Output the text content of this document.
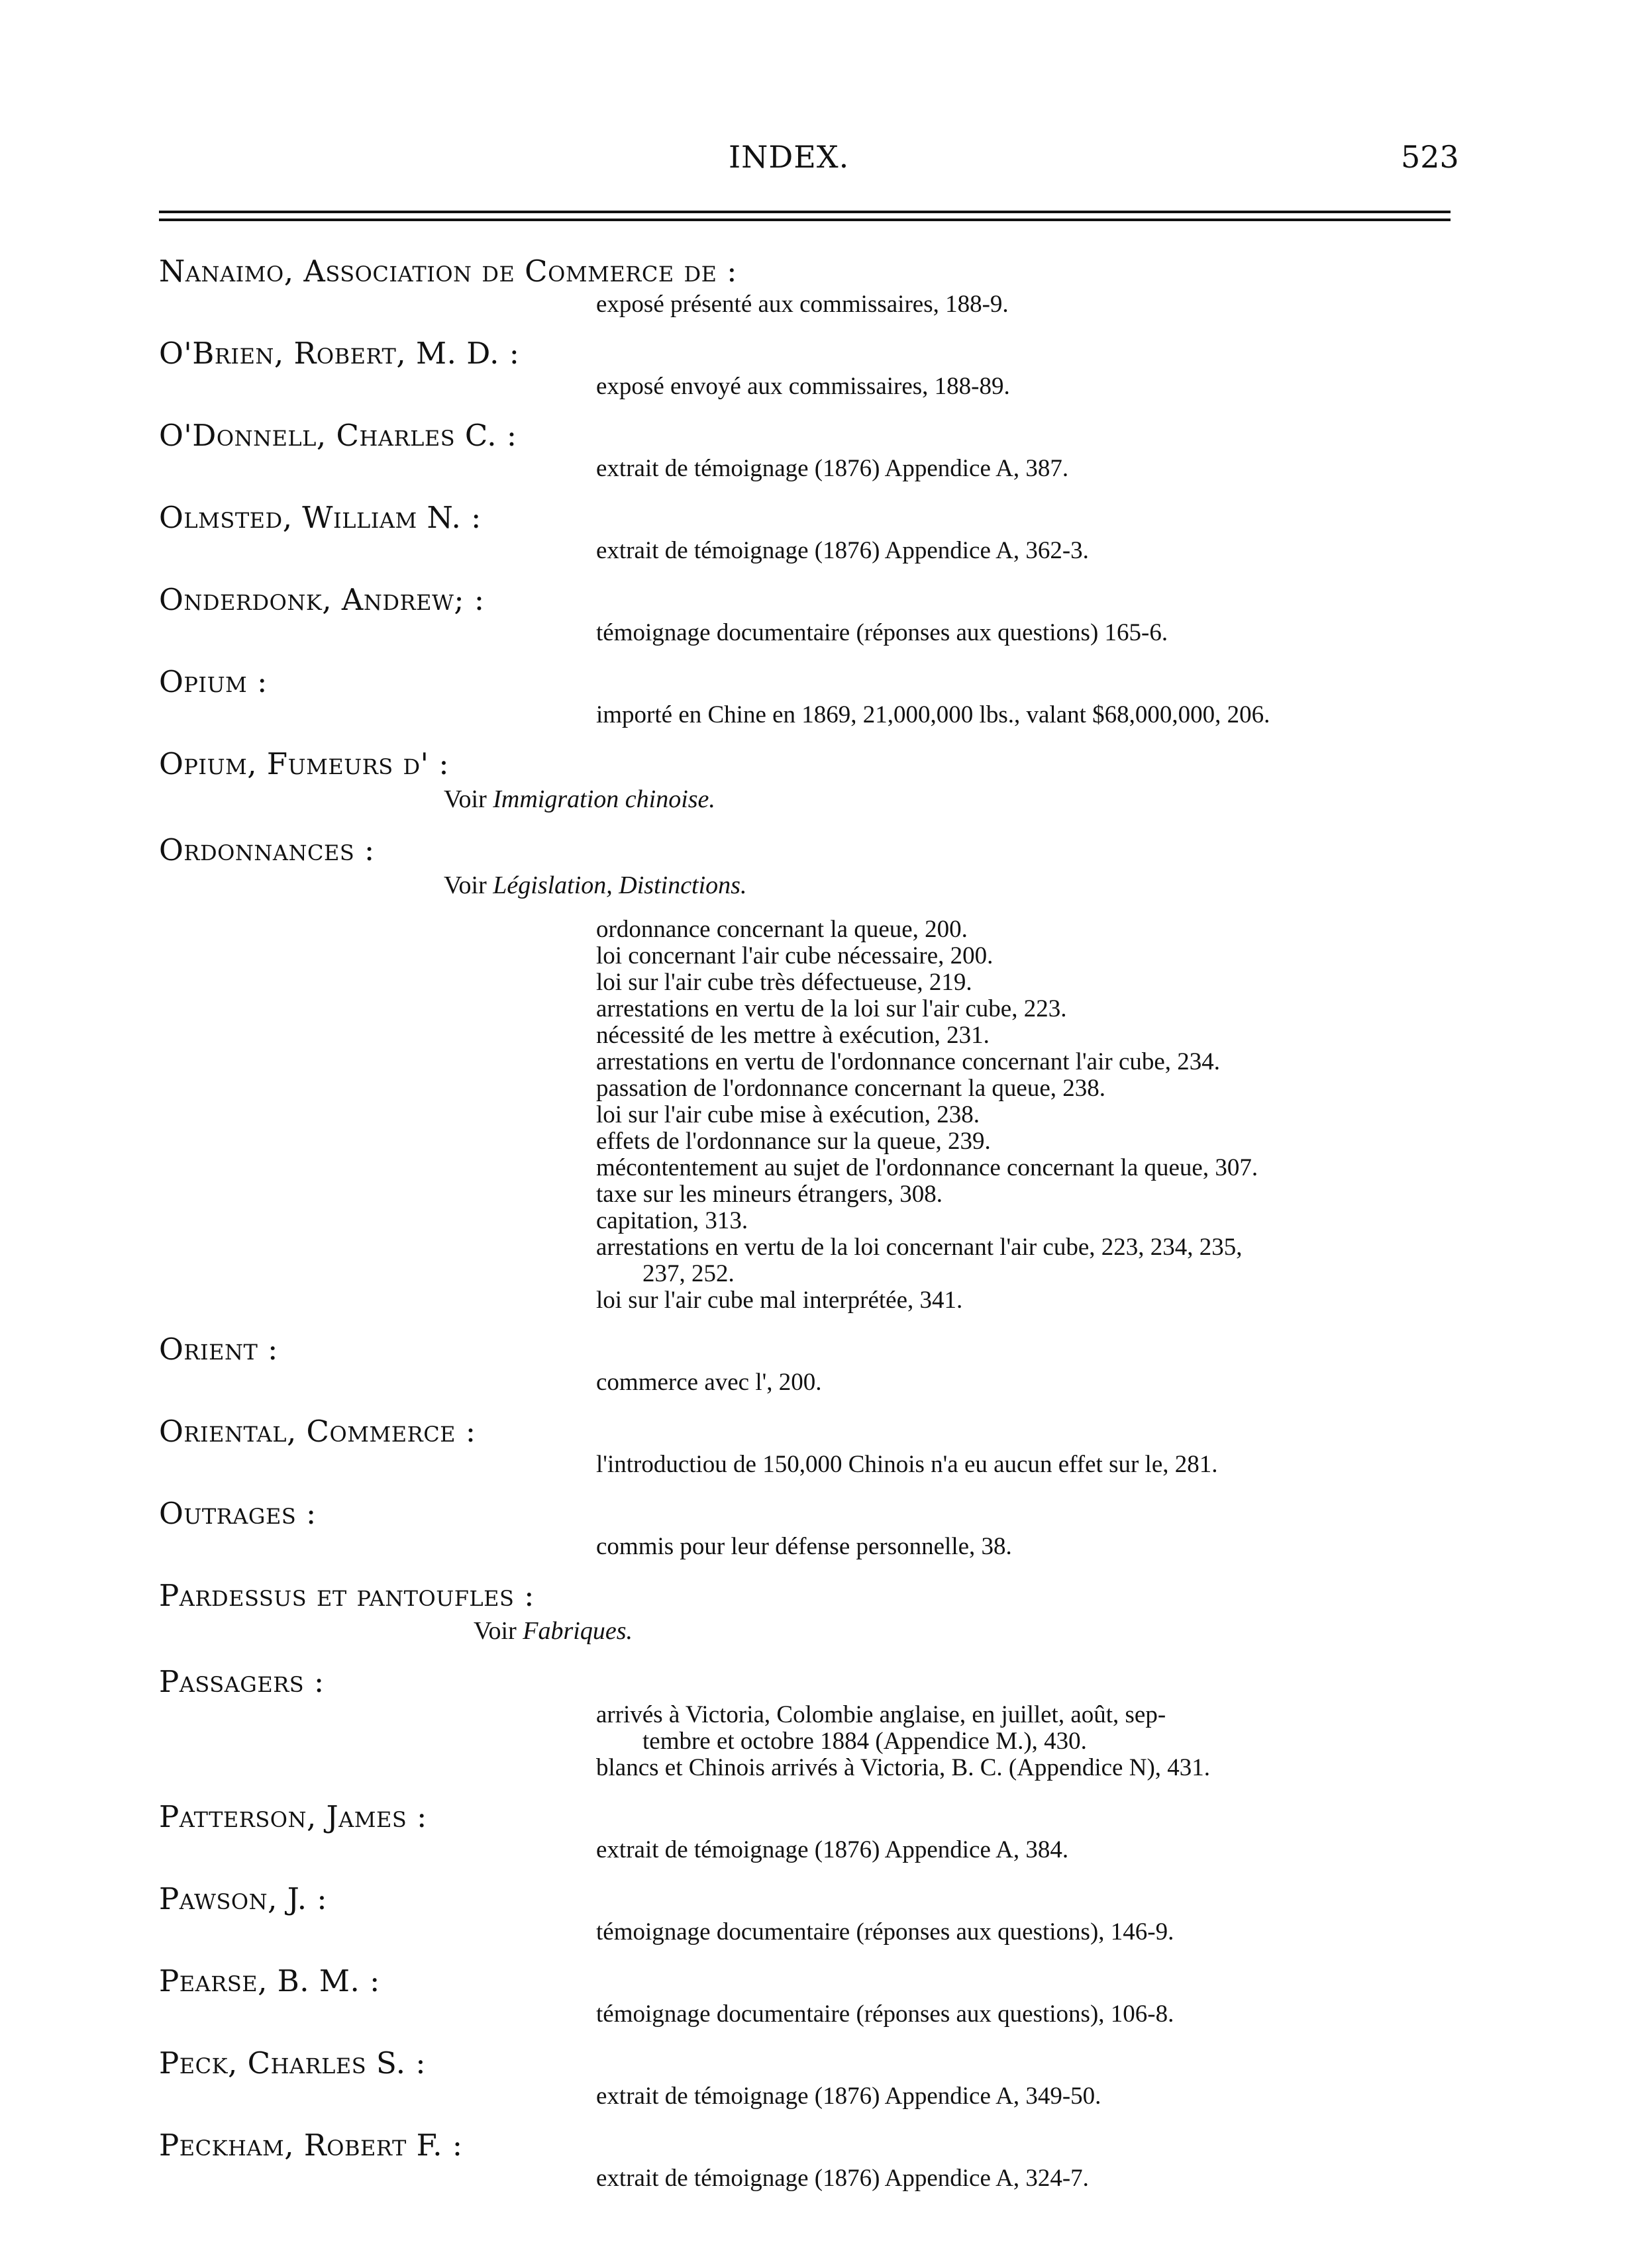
INDEX.	523
Nanaimo, Association de Commerce de :
exposé présenté aux commissaires, 188-9.
O'Brien, Robert, M. D. :
exposé envoyé aux commissaires, 188-89.
O'Donnell, Charles C. :
extrait de témoignage (1876) Appendice A, 387.
Olmsted, William N. :
extrait de témoignage (1876) Appendice A, 362-3.
Onderdonk, Andrew; :
témoignage documentaire (réponses aux questions) 165-6.
Opium :
importé en Chine en 1869, 21,000,000 lbs., valant $68,000,000, 206.
Opium, Fumeurs d' :
Voir Immigration chinoise.
Ordonnances :
Voir Législation, Distinctions.
ordonnance concernant la queue, 200.
loi concernant l'air cube nécessaire, 200.
loi sur l'air cube très défectueuse, 219.
arrestations en vertu de la loi sur l'air cube, 223.
nécessité de les mettre à exécution, 231.
arrestations en vertu de l'ordonnance concernant l'air cube, 234.
passation de l'ordonnance concernant la queue, 238.
loi sur l'air cube mise à exécution, 238.
effets de l'ordonnance sur la queue, 239.
mécontentement au sujet de l'ordonnance concernant la queue, 307.
taxe sur les mineurs étrangers, 308.
capitation, 313.
arrestations en vertu de la loi concernant l'air cube, 223, 234, 235,
237, 252.
loi sur l'air cube mal interprétée, 341.
Orient :
commerce avec l', 200.
Oriental, Commerce :
l'introductiou de 150,000 Chinois n'a eu aucun effet sur le, 281.
Outrages :
commis pour leur défense personnelle, 38.
Pardessus et pantoufles :
Voir Fabriques.
Passagers :
arrivés à Victoria, Colombie anglaise, en juillet, août, sep-
tembre et octobre 1884 (Appendice M.), 430.
blancs et Chinois arrivés à Victoria, B. C. (Appendice N), 431.
Patterson, James :
extrait de témoignage (1876) Appendice A, 384.
Pawson, J. :
témoignage documentaire (réponses aux questions), 146-9.
Pearse, B. M. :
témoignage documentaire (réponses aux questions), 106-8.
Peck, Charles S. :
extrait de témoignage (1876) Appendice A, 349-50.
Peckham, Robert F. :
extrait de témoignage (1876) Appendice A, 324-7.
